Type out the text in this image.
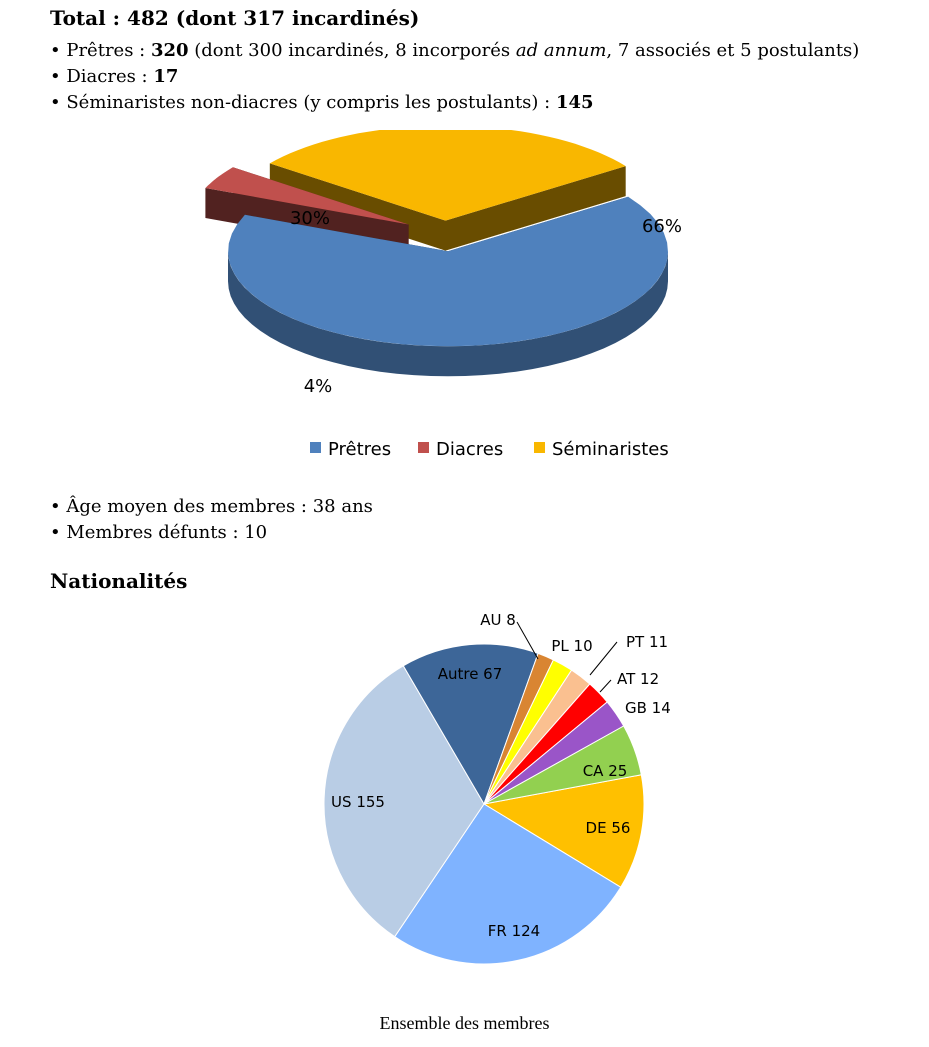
Total : 482 (dont 317 incardinés)
• Prêtres : 320 (dont 300 incardinés, 8 incorporés ad annum, 7 associés et 5 postulants)
• Diacres : 17
• Séminaristes non-diacres (y compris les postulants) : 145
66%
4%
30%
Prêtres Diacres	Séminaristes
• Âge moyen des membres : 38 ans
• Membres défunts : 10
Nationalités
DE 56
FR 124
US 155
Autre 67
AU 8
PL 10 PT 11
AT 12
GB 14
CA 25
Ensemble des membres
